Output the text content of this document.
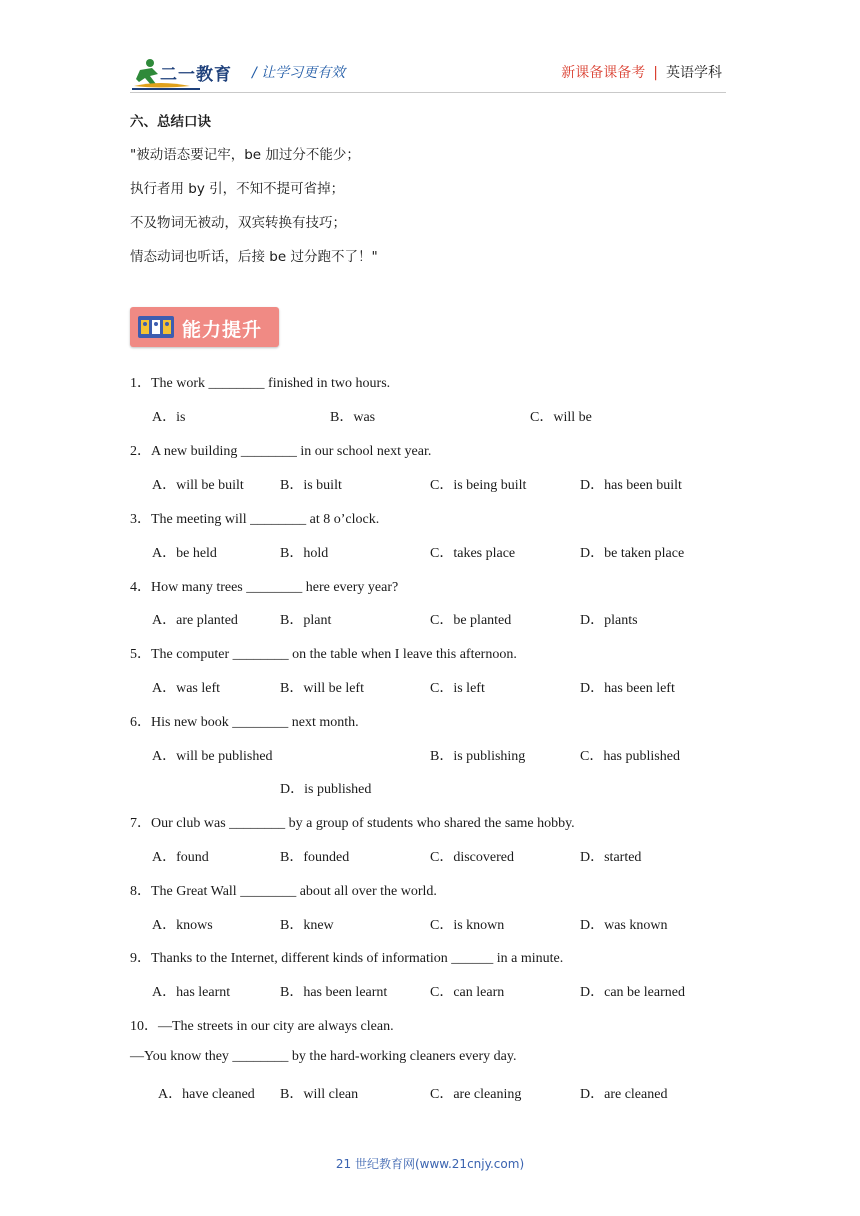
二一教育 / 让学习更有效	新课备课备考 | 英语学科
六、总结口诀
"被动语态要记牢，be 加过分不能少；
执行者用 by 引，不知不提可省掉；
不及物词无被动，双宾转换有技巧；
情态动词也听话，后接 be 过分跑不了！"
能力提升
1．The work ________ finished in two hours.
A．is	B．was	C．will be
2．A new building ________ in our school next year.
A．will be built	B．is built	C．is being built	D．has been built
3．The meeting will ________ at 8 o’clock.
A．be held	B．hold	C．takes place	D．be taken place
4．How many trees ________ here every year?
A．are planted	B．plant	C．be planted	D．plants
5．The computer ________ on the table when I leave this afternoon.
A．was left	B．will be left	C．is left	D．has been left
6．His new book ________ next month.
A．will be published	B．is publishing	C．has published
D．is published
7．Our club was ________ by a group of students who shared the same hobby.
A．found	B．founded	C．discovered	D．started
8．The Great Wall ________ about all over the world.
A．knows	B．knew	C．is known	D．was known
9．Thanks to the Internet, different kinds of information ______ in a minute.
A．has learnt	B．has been learnt	C．can learn	D．can be learned
10．—The streets in our city are always clean.
—You know they ________ by the hard-working cleaners every day.
A．have cleaned B．will clean	C．are cleaning	D．are cleaned
21 世纪教育网(www.21cnjy.com)
